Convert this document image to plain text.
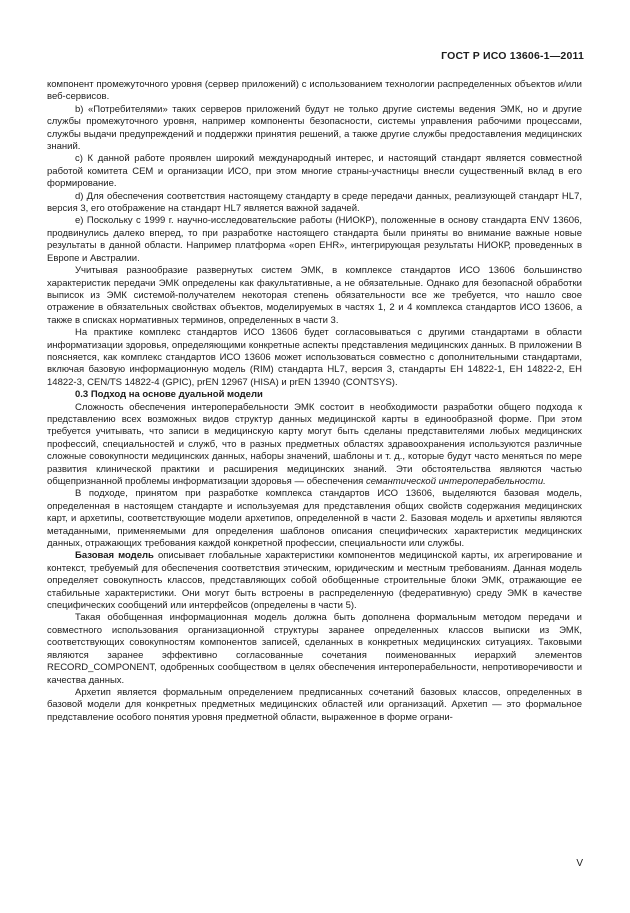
ГОСТ Р ИСО 13606-1—2011

компонент промежуточного уровня (сервер приложений) с использованием технологии распределенных объектов и/или веб-сервисов.

b) «Потребителями» таких серверов приложений будут не только другие системы ведения ЭМК, но и другие службы промежуточного уровня, например компоненты безопасности, системы управления рабочими процессами, службы выдачи предупреждений и поддержки принятия решений, а также другие службы предоставления медицинских знаний.

c) К данной работе проявлен широкий международный интерес, и настоящий стандарт является совместной работой комитета CEM и организации ИСО, при этом многие страны-участницы внесли существенный вклад в его формирование.

d) Для обеспечения соответствия настоящему стандарту в среде передачи данных, реализующей стандарт HL7, версия 3, его отображение на стандарт HL7 является важной задачей.

e) Поскольку с 1999 г. научно-исследовательские работы (НИОКР), положенные в основу стандарта ENV 13606, продвинулись далеко вперед, то при разработке настоящего стандарта были приняты во внимание важные новые результаты в данной области. Например платформа «open EHR», интегрирующая результаты НИОКР, проведенных в Европе и Австралии.

Учитывая разнообразие развернутых систем ЭМК, в комплексе стандартов ИСО 13606 большинство характеристик передачи ЭМК определены как факультативные, а не обязательные. Однако для безопасной обработки выписок из ЭМК системой-получателем некоторая степень обязательности все же требуется, что нашло свое отражение в обязательных свойствах объектов, моделируемых в частях 1, 2 и 4 комплекса стандартов ИСО 13606, а также в списках нормативных терминов, определенных в части 3.

На практике комплекс стандартов ИСО 13606 будет согласовываться с другими стандартами в области информатизации здоровья, определяющими конкретные аспекты представления медицинских данных. В приложении В поясняется, как комплекс стандартов ИСО 13606 может использоваться совместно с дополнительными стандартами, включая базовую информационную модель (RIM) стандарта HL7, версия 3, стандарты ЕН 14822-1, ЕН 14822-2, ЕН 14822-3, CEN/TS 14822-4 (GPIC), prEN 12967 (HISA) и prEN 13940 (CONTSYS).

0.3 Подход на основе дуальной модели

Сложность обеспечения интероперабельности ЭМК состоит в необходимости разработки общего подхода к представлению всех возможных видов структур данных медицинской карты в единообразной форме. При этом требуется учитывать, что записи в медицинскую карту могут быть сделаны представителями любых медицинских профессий, специальностей и служб, что в разных предметных областях здравоохранения используются различные сложные совокупности медицинских данных, наборы значений, шаблоны и т. д., которые будут часто меняться по мере развития клинической практики и расширения медицинских знаний. Эти обстоятельства являются частью общепризнанной проблемы информатизации здоровья — обеспечения семантической интероперабельности.

В подходе, принятом при разработке комплекса стандартов ИСО 13606, выделяются базовая модель, определенная в настоящем стандарте и используемая для представления общих свойств содержания медицинских карт, и архетипы, соответствующие модели архетипов, определенной в части 2. Базовая модель и архетипы являются метаданными, применяемыми для определения шаблонов описания специфических характеристик медицинских данных, отражающих требования каждой конкретной профессии, специальности или службы.

Базовая модель описывает глобальные характеристики компонентов медицинской карты, их агрегирование и контекст, требуемый для обеспечения соответствия этическим, юридическим и местным требованиям. Данная модель определяет совокупность классов, представляющих собой обобщенные строительные блоки ЭМК, отражающие ее стабильные характеристики. Они могут быть встроены в распределенную (федеративную) среду ЭМК в качестве специфических сообщений или интерфейсов (определены в части 5).

Такая обобщенная информационная модель должна быть дополнена формальным методом передачи и совместного использования организационной структуры заранее определенных классов выписки из ЭМК, соответствующих совокупностям компонентов записей, сделанных в конкретных медицинских ситуациях. Таковыми являются заранее эффективно согласованные сочетания поименованных иерархий элементов RECORD_COMPONENT, одобренных сообществом в целях обеспечения интероперабельности, непротиворечивости и качества данных.

Архетип является формальным определением предписанных сочетаний базовых классов, определенных в базовой модели для конкретных предметных медицинских областей или организаций. Архетип — это формальное представление особого понятия уровня предметной области, выраженное в форме ограни-

V
